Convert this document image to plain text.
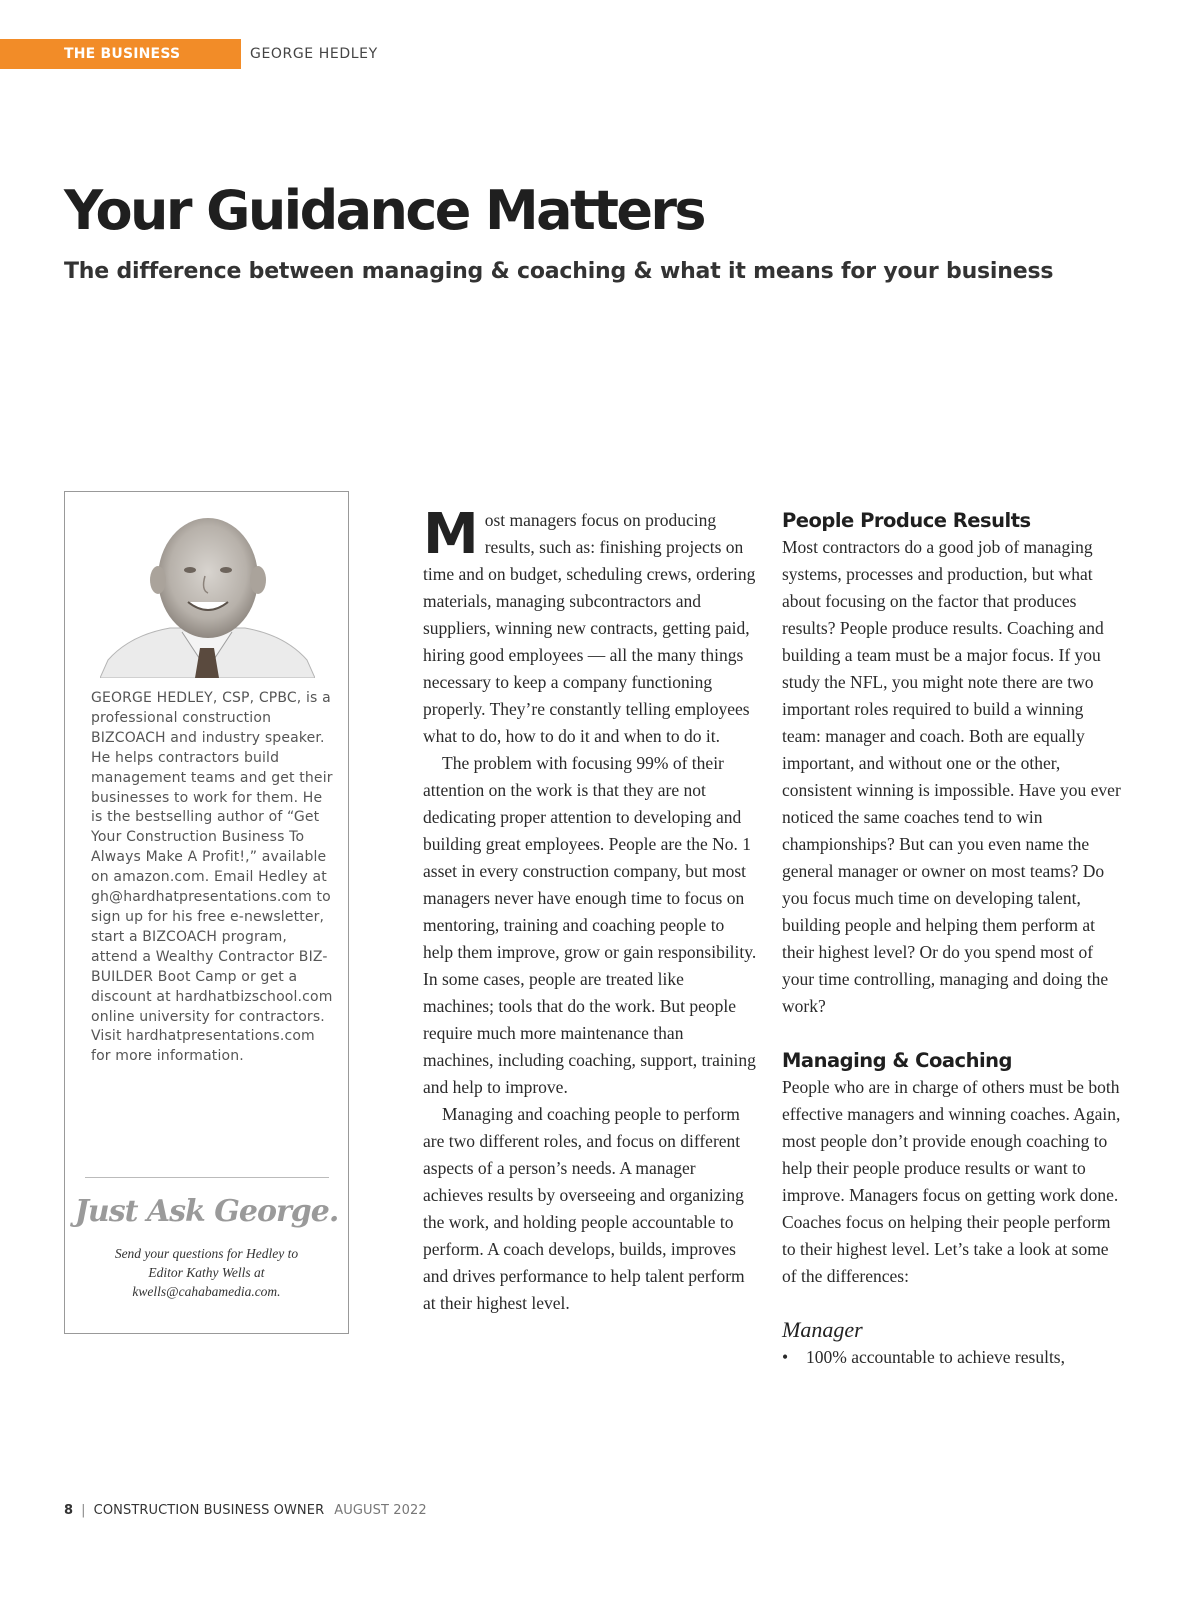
THE BUSINESS COUNCIL
GEORGE HEDLEY
Your Guidance Matters
The difference between managing & coaching & what it means for your business

GEORGE HEDLEY, CSP, CPBC, is a professional construction BIZCOACH and industry speaker. He helps contractors build management teams and get their businesses to work for them. He is the bestselling author of “Get Your Construction Business To Always Make A Profit!,” available on amazon.com. Email Hedley at gh@hardhatpresentations.com to sign up for his free e-newsletter, start a BIZCOACH program, attend a Wealthy Contractor BIZ-BUILDER Boot Camp or get a discount at hardhatbizschool.com online university for contractors. Visit hardhatpresentations.com for more information.

Just Ask George.

Send your questions for Hedley to Editor Kathy Wells at kwells@cahabamedia.com.

Most managers focus on producing results, such as: finishing projects on time and on budget, scheduling crews, ordering materials, managing subcontractors and suppliers, winning new contracts, getting paid, hiring good employees — all the many things necessary to keep a company functioning properly. They’re constantly telling employees what to do, how to do it and when to do it.

The problem with focusing 99% of their attention on the work is that they are not dedicating proper attention to developing and building great employees. People are the No. 1 asset in every construction company, but most managers never have enough time to focus on mentoring, training and coaching people to help them improve, grow or gain responsibility. In some cases, people are treated like machines; tools that do the work. But people require much more maintenance than machines, including coaching, support, training and help to improve.

Managing and coaching people to perform are two different roles, and focus on different aspects of a person’s needs. A manager achieves results by overseeing and organizing the work, and holding people accountable to perform. A coach develops, builds, improves and drives performance to help talent perform at their highest level.

People Produce Results

Most contractors do a good job of managing systems, processes and production, but what about focusing on the factor that produces results? People produce results. Coaching and building a team must be a major focus. If you study the NFL, you might note there are two important roles required to build a winning team: manager and coach. Both are equally important, and without one or the other, consistent winning is impossible. Have you ever noticed the same coaches tend to win championships? But can you even name the general manager or owner on most teams? Do you focus much time on developing talent, building people and helping them perform at their highest level? Or do you spend most of your time controlling, managing and doing the work?

Managing & Coaching

People who are in charge of others must be both effective managers and winning coaches. Again, most people don’t provide enough coaching to help their people produce results or want to improve. Managers focus on getting work done. Coaches focus on helping their people perform to their highest level. Let’s take a look at some of the differences:

Manager

•	100% accountable to achieve results,
8 | CONSTRUCTION BUSINESS OWNER AUGUST 2022
